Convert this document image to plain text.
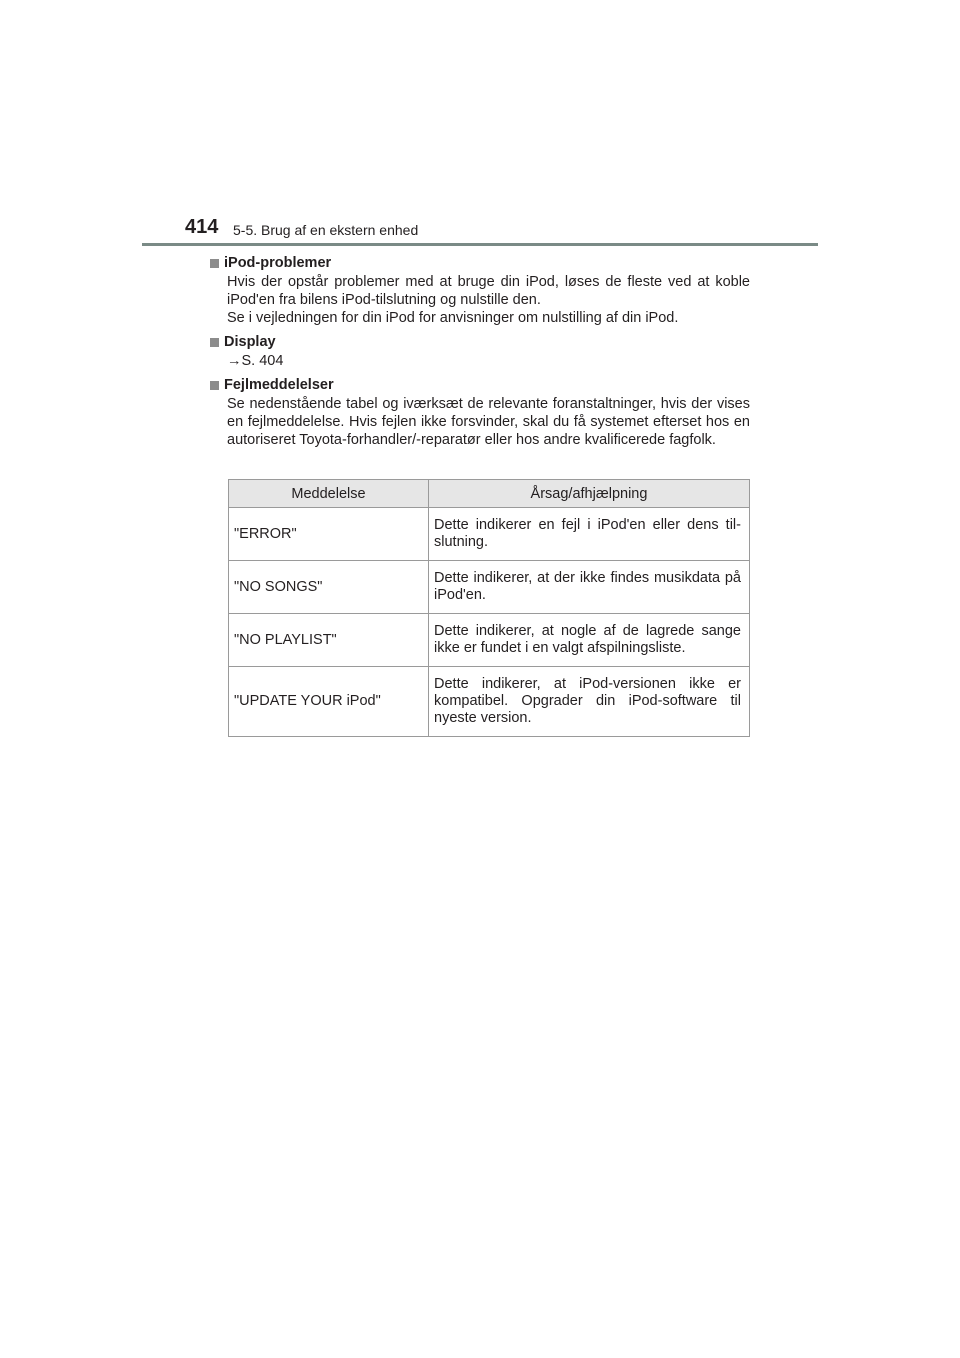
414 5-5. Brug af en ekstern enhed
iPod-problemer
Hvis der opstår problemer med at bruge din iPod, løses de fleste ved at koble iPod'en fra bilens iPod-tilslutning og nulstille den.
Se i vejledningen for din iPod for anvisninger om nulstilling af din iPod.
Display
→S. 404
Fejlmeddelelser
Se nedenstående tabel og iværksæt de relevante foranstaltninger, hvis der vises en fejlmeddelelse. Hvis fejlen ikke forsvinder, skal du få systemet efterset hos en autoriseret Toyota-forhandler/-reparatør eller hos andre kvalificerede fagfolk.
Meddelelse	Årsag/afhjælpning
"ERROR"	Dette indikerer en fejl i iPod'en eller dens til-slutning.
"NO SONGS"	Dette indikerer, at der ikke findes musikdata på iPod'en.
"NO PLAYLIST"	Dette indikerer, at nogle af de lagrede sange ikke er fundet i en valgt afspilningsliste.
"UPDATE YOUR iPod"	Dette indikerer, at iPod-versionen ikke er kompatibel. Opgrader din iPod-software til nyeste version.
